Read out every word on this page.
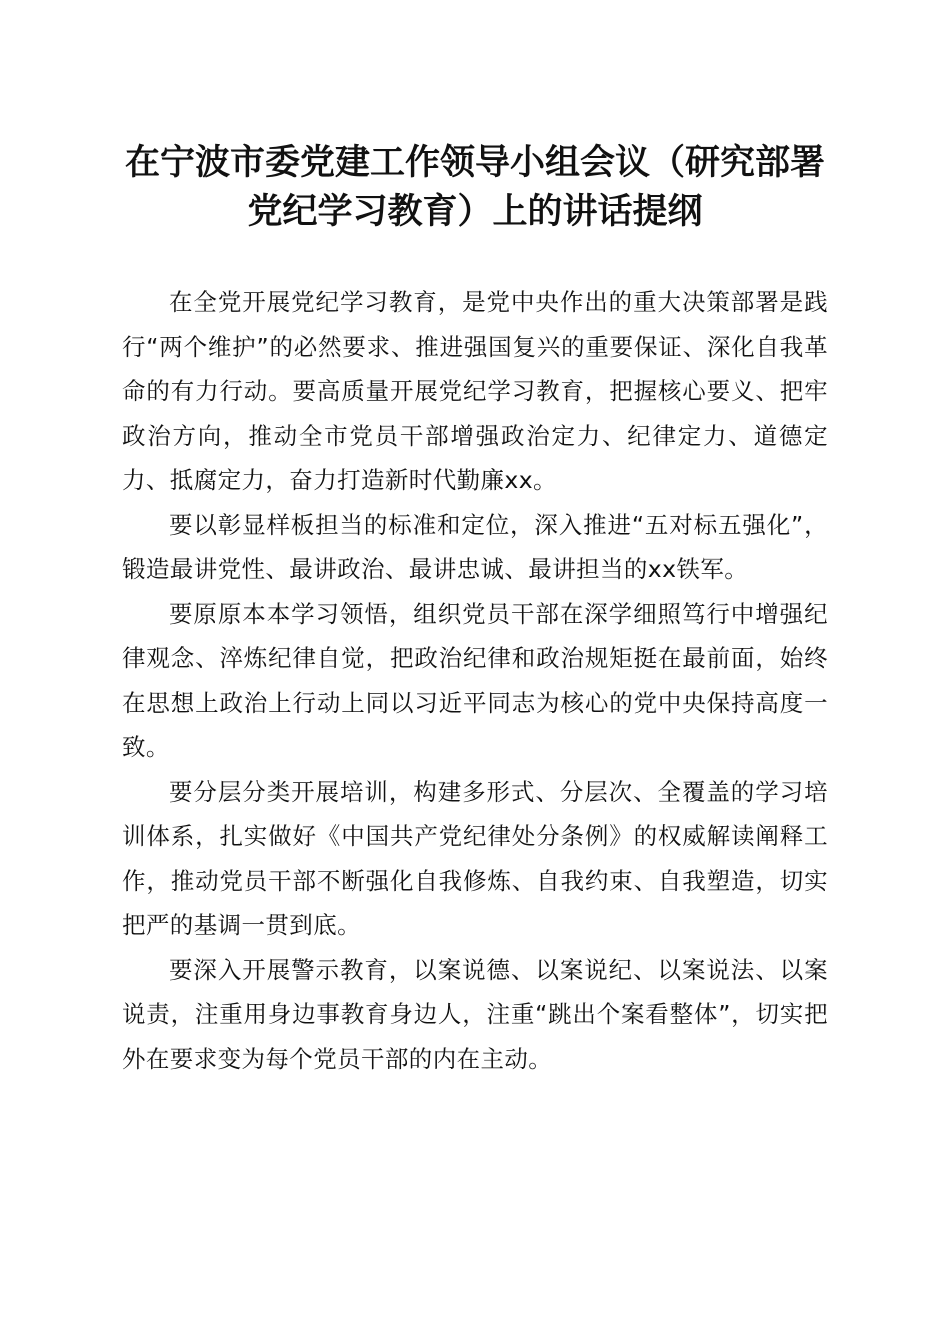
在宁波市委党建工作领导小组会议（研究部署
党纪学习教育）上的讲话提纲

在全党开展党纪学习教育，是党中央作出的重大决策部署是践行“两个维护”的必然要求、推进强国复兴的重要保证、深化自我革命的有力行动。要高质量开展党纪学习教育，把握核心要义、把牢政治方向，推动全市党员干部增强政治定力、纪律定力、道德定力、抵腐定力，奋力打造新时代勤廉xx。

要以彰显样板担当的标准和定位，深入推进“五对标五强化”，锻造最讲党性、最讲政治、最讲忠诚、最讲担当的xx铁军。

要原原本本学习领悟，组织党员干部在深学细照笃行中增强纪律观念、淬炼纪律自觉，把政治纪律和政治规矩挺在最前面，始终在思想上政治上行动上同以习近平同志为核心的党中央保持高度一致。

要分层分类开展培训，构建多形式、分层次、全覆盖的学习培训体系，扎实做好《中国共产党纪律处分条例》的权威解读阐释工作，推动党员干部不断强化自我修炼、自我约束、自我塑造，切实把严的基调一贯到底。

要深入开展警示教育，以案说德、以案说纪、以案说法、以案说责，注重用身边事教育身边人，注重“跳出个案看整体”，切实把外在要求变为每个党员干部的内在主动。
